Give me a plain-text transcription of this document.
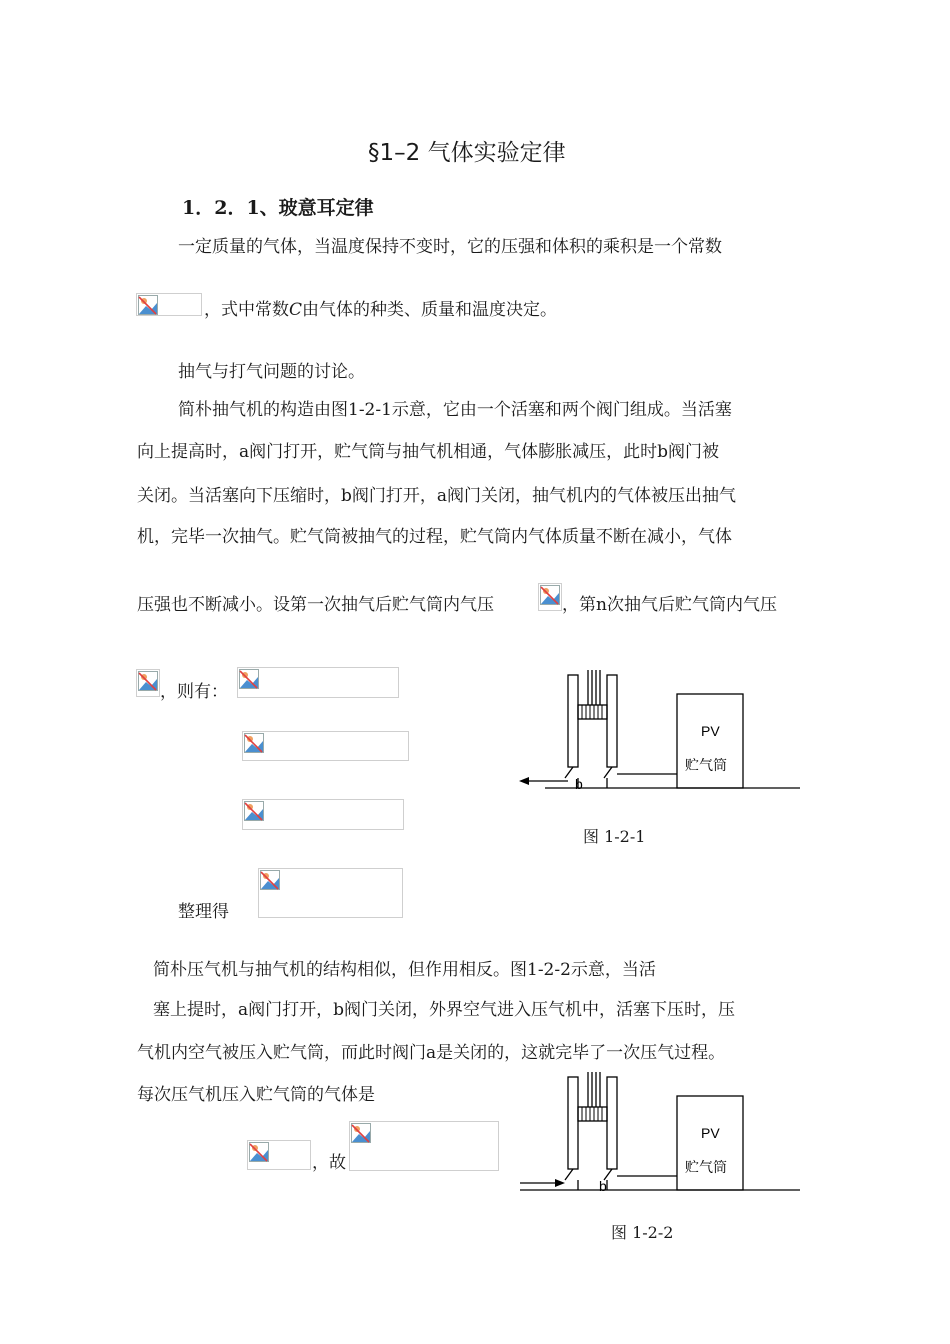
§1–2 气体实验定律
1．2．1、玻意耳定律
一定质量的气体，当温度保持不变时，它的压强和体积的乘积是一个常数
，式中常数C由气体的种类、质量和温度决定。
抽气与打气问题的讨论。
简朴抽气机的构造由图1-2-1示意，它由一个活塞和两个阀门组成。当活塞
向上提高时，a阀门打开，贮气筒与抽气机相通，气体膨胀减压，此时b阀门被
关闭。当活塞向下压缩时，b阀门打开，a阀门关闭，抽气机内的气体被压出抽气
机，完毕一次抽气。贮气筒被抽气的过程，贮气筒内气体质量不断在减小，气体
压强也不断减小。设第一次抽气后贮气筒内气压	，第n次抽气后贮气筒内气压
，则有：
整理得
PV
贮气筒
b
图 1-2-1
简朴压气机与抽气机的结构相似，但作用相反。图1-2-2示意，当活
塞上提时，a阀门打开，b阀门关闭，外界空气进入压气机中，活塞下压时，压
气机内空气被压入贮气筒，而此时阀门a是关闭的，这就完毕了一次压气过程。
每次压气机压入贮气筒的气体是
，故
PV
贮气筒
b
图 1-2-2
